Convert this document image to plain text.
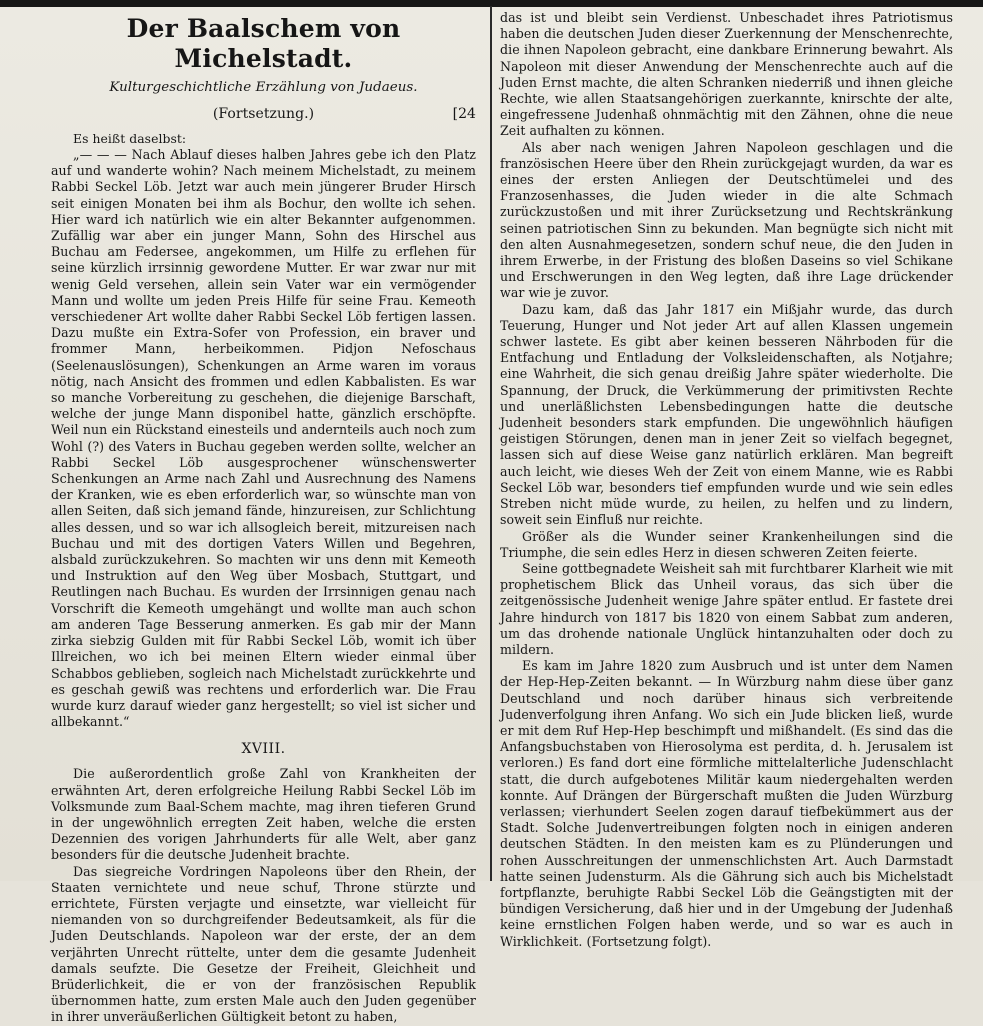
Der Baalschem von Michelstadt.
Kulturgeschichtliche Erzählung von Judaeus.
(Fortsetzung.)	[24

Es heißt daselbst:

„— — — Nach Ablauf dieses halben Jahres gebe ich den Platz auf und wanderte wohin? Nach meinem Michelstadt, zu meinem Rabbi Seckel Löb. Jetzt war auch mein jüngerer Bruder Hirsch seit einigen Monaten bei ihm als Bochur, den wollte ich sehen. Hier ward ich natürlich wie ein alter Bekannter aufgenommen. Zufällig war aber ein junger Mann, Sohn des Hirschel aus Buchau am Federsee, angekommen, um Hilfe zu erflehen für seine kürzlich irrsinnig gewordene Mutter. Er war zwar nur mit wenig Geld versehen, allein sein Vater war ein vermögender Mann und wollte um jeden Preis Hilfe für seine Frau. Kemeoth verschiedener Art wollte daher Rabbi Seckel Löb fertigen lassen. Dazu mußte ein Extra-Sofer von Profession, ein braver und frommer Mann, herbeikommen. Pidjon Nefoschaus (Seelenauslösungen), Schenkungen an Arme waren im voraus nötig, nach Ansicht des frommen und edlen Kabbalisten. Es war so manche Vorbereitung zu geschehen, die diejenige Barschaft, welche der junge Mann disponibel hatte, gänzlich erschöpfte. Weil nun ein Rückstand einesteils und andernteils auch noch zum Wohl (?) des Vaters in Buchau gegeben werden sollte, welcher an Rabbi Seckel Löb ausgesprochener wünschenswerter Schenkungen an Arme nach Zahl und Ausrechnung des Namens der Kranken, wie es eben erforderlich war, so wünschte man von allen Seiten, daß sich jemand fände, hinzureisen, zur Schlichtung alles dessen, und so war ich allsogleich bereit, mitzureisen nach Buchau und mit des dortigen Vaters Willen und Begehren, alsbald zurückzukehren. So machten wir uns denn mit Kemeoth und Instruktion auf den Weg über Mosbach, Stuttgart, und Reutlingen nach Buchau. Es wurden der Irrsinnigen genau nach Vorschrift die Kemeoth umgehängt und wollte man auch schon am anderen Tage Besserung anmerken. Es gab mir der Mann zirka siebzig Gulden mit für Rabbi Seckel Löb, womit ich über Illreichen, wo ich bei meinen Eltern wieder einmal über Schabbos geblieben, sogleich nach Michelstadt zurückkehrte und es geschah gewiß was rechtens und erforderlich war. Die Frau wurde kurz darauf wieder ganz hergestellt; so viel ist sicher und allbekannt.“

XVIII.

Die außerordentlich große Zahl von Krankheiten der erwähnten Art, deren erfolgreiche Heilung Rabbi Seckel Löb im Volksmunde zum Baal-Schem machte, mag ihren tieferen Grund in der ungewöhnlich erregten Zeit haben, welche die ersten Dezennien des vorigen Jahrhunderts für alle Welt, aber ganz besonders für die deutsche Judenheit brachte.

Das siegreiche Vordringen Napoleons über den Rhein, der Staaten vernichtete und neue schuf, Throne stürzte und errichtete, Fürsten verjagte und einsetzte, war vielleicht für niemanden von so durchgreifender Bedeutsamkeit, als für die Juden Deutschlands. Napoleon war der erste, der an dem verjährten Unrecht rüttelte, unter dem die gesamte Judenheit damals seufzte. Die Gesetze der Freiheit, Gleichheit und Brüderlichkeit, die er von der französischen Republik übernommen hatte, zum ersten Male auch den Juden gegenüber in ihrer unveräußerlichen Gültigkeit betont zu haben,

das ist und bleibt sein Verdienst. Unbeschadet ihres Patriotismus haben die deutschen Juden dieser Zuerkennung der Menschenrechte, die ihnen Napoleon gebracht, eine dankbare Erinnerung bewahrt. Als Napoleon mit dieser Anwendung der Menschenrechte auch auf die Juden Ernst machte, die alten Schranken niederriß und ihnen gleiche Rechte, wie allen Staatsangehörigen zuerkannte, knirschte der alte, eingefressene Judenhaß ohnmächtig mit den Zähnen, ohne die neue Zeit aufhalten zu können.

Als aber nach wenigen Jahren Napoleon geschlagen und die französischen Heere über den Rhein zurückgejagt wurden, da war es eines der ersten Anliegen der Deutschtümelei und des Franzosenhasses, die Juden wieder in die alte Schmach zurückzustoßen und mit ihrer Zurücksetzung und Rechtskränkung seinen patriotischen Sinn zu bekunden. Man begnügte sich nicht mit den alten Ausnahmegesetzen, sondern schuf neue, die den Juden in ihrem Erwerbe, in der Fristung des bloßen Daseins so viel Schikane und Erschwerungen in den Weg legten, daß ihre Lage drückender war wie je zuvor.

Dazu kam, daß das Jahr 1817 ein Mißjahr wurde, das durch Teuerung, Hunger und Not jeder Art auf allen Klassen ungemein schwer lastete. Es gibt aber keinen besseren Nährboden für die Entfachung und Entladung der Volksleidenschaften, als Notjahre; eine Wahrheit, die sich genau dreißig Jahre später wiederholte. Die Spannung, der Druck, die Verkümmerung der primitivsten Rechte und unerläßlichsten Lebensbedingungen hatte die deutsche Judenheit besonders stark empfunden. Die ungewöhnlich häufigen geistigen Störungen, denen man in jener Zeit so vielfach begegnet, lassen sich auf diese Weise ganz natürlich erklären. Man begreift auch leicht, wie dieses Weh der Zeit von einem Manne, wie es Rabbi Seckel Löb war, besonders tief empfunden wurde und wie sein edles Streben nicht müde wurde, zu heilen, zu helfen und zu lindern, soweit sein Einfluß nur reichte.

Größer als die Wunder seiner Krankenheilungen sind die Triumphe, die sein edles Herz in diesen schweren Zeiten feierte.

Seine gottbegnadete Weisheit sah mit furchtbarer Klarheit wie mit prophetischem Blick das Unheil voraus, das sich über die zeitgenössische Judenheit wenige Jahre später entlud. Er fastete drei Jahre hindurch von 1817 bis 1820 von einem Sabbat zum anderen, um das drohende nationale Unglück hintanzuhalten oder doch zu mildern.

Es kam im Jahre 1820 zum Ausbruch und ist unter dem Namen der Hep-Hep-Zeiten bekannt. — In Würzburg nahm diese über ganz Deutschland und noch darüber hinaus sich verbreitende Judenverfolgung ihren Anfang. Wo sich ein Jude blicken ließ, wurde er mit dem Ruf Hep-Hep beschimpft und mißhandelt. (Es sind das die Anfangsbuchstaben von Hierosolyma est perdita, d. h. Jerusalem ist verloren.) Es fand dort eine förmliche mittelalterliche Judenschlacht statt, die durch aufgebotenes Militär kaum niedergehalten werden konnte. Auf Drängen der Bürgerschaft mußten die Juden Würzburg verlassen; vierhundert Seelen zogen darauf tiefbekümmert aus der Stadt. Solche Judenvertreibungen folgten noch in einigen anderen deutschen Städten. In den meisten kam es zu Plünderungen und rohen Ausschreitungen der unmenschlichsten Art. Auch Darmstadt hatte seinen Judensturm. Als die Gährung sich auch bis Michelstadt fortpflanzte, beruhigte Rabbi Seckel Löb die Geängstigten mit der bündigen Versicherung, daß hier und in der Umgebung der Judenhaß keine ernstlichen Folgen haben werde, und so war es auch in Wirklichkeit. (Fortsetzung folgt).
